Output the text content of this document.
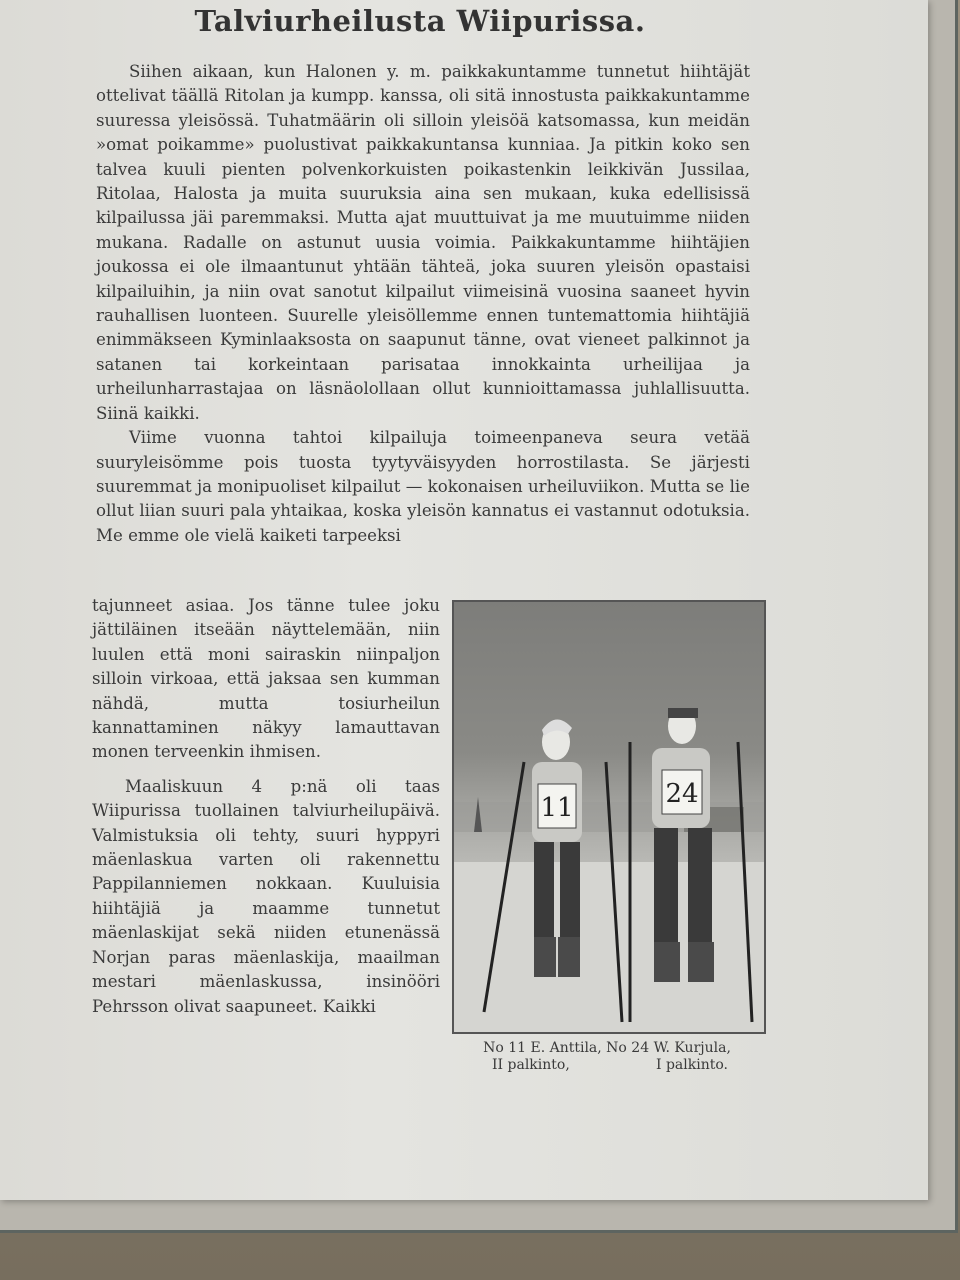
Talviurheilusta Wiipurissa.

Siihen aikaan, kun Halonen y. m. paikkakuntamme tunnetut hiihtäjät ottelivat täällä Ritolan ja kumpp. kanssa, oli sitä innostusta paikkakuntamme suuressa yleisössä. Tuhatmäärin oli silloin yleisöä katsomassa, kun meidän »omat poikamme» puolustivat paikkakuntansa kunniaa. Ja pitkin koko sen talvea kuuli pienten polvenkorkuisten poikastenkin leikkivän Jussilaa, Ritolaa, Halosta ja muita suuruksia aina sen mukaan, kuka edellisissä kilpailussa jäi paremmaksi. Mutta ajat muuttuivat ja me muutuimme niiden mukana. Radalle on astunut uusia voimia. Paikkakuntamme hiihtäjien joukossa ei ole ilmaantunut yhtään tähteä, joka suuren yleisön opastaisi kilpailuihin, ja niin ovat sanotut kilpailut viimeisinä vuosina saaneet hyvin rauhallisen luonteen. Suurelle yleisöllemme ennen tuntemattomia hiihtäjiä enimmäkseen Kyminlaaksosta on saapunut tänne, ovat vieneet palkinnot ja satanen tai korkeintaan parisataa innokkainta urheilijaa ja urheilunharrastajaa on läsnäolollaan ollut kunnioittamassa juhlallisuutta. Siinä kaikki.

Viime vuonna tahtoi kilpailuja toimeenpaneva seura vetää suuryleisömme pois tuosta tyytyväisyyden horrostilasta. Se järjesti suuremmat ja monipuoliset kilpailut — kokonaisen urheiluviikon. Mutta se lie ollut liian suuri pala yhtaikaa, koska yleisön kannatus ei vastannut odotuksia. Me emme ole vielä kaiketi tarpeeksi

tajunneet asiaa. Jos tänne tulee joku jättiläinen itseään näyttelemään, niin luulen että moni sairaskin niinpaljon silloin virkoaa, että jaksaa sen kumman nähdä, mutta tosiurheilun kannattaminen näkyy lamauttavan monen terveenkin ihmisen.

Maaliskuun 4 p:nä oli taas Wiipurissa tuollainen talviurheilupäivä. Valmistuksia oli tehty, suuri hyppyri mäenlaskua varten oli rakennettu Pappilanniemen nokkaan. Kuuluisia hiihtäjiä ja maamme tunnetut mäenlaskijat sekä niiden etunenässä Norjan paras mäenlaskija, maailman mestari mäenlaskussa, insinööri Pehrsson olivat saapuneet. Kaikki

11	24
No 11 E. Anttila, No 24 W. Kurjula,
II palkinto,	I palkinto.
